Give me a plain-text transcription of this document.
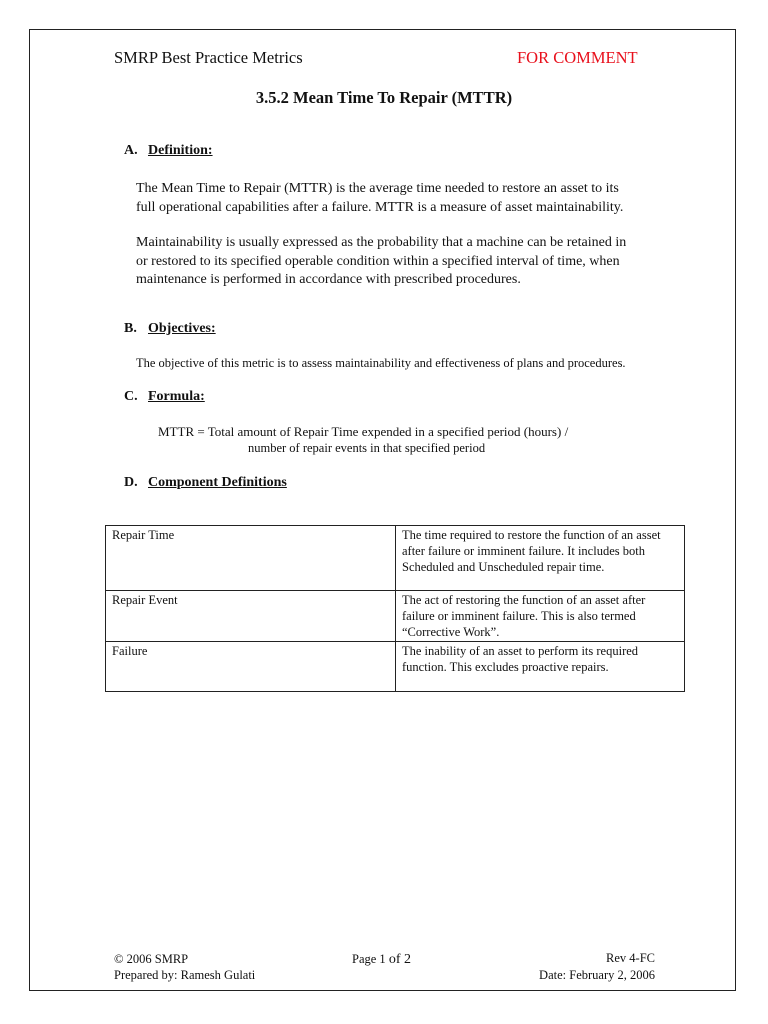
SMRP Best Practice Metrics	FOR COMMENT
3.5.2 Mean Time To Repair (MTTR)
A. Definition:
The Mean Time to Repair (MTTR) is the average time needed to restore an asset to its
full operational capabilities after a failure. MTTR is a measure of asset maintainability.
Maintainability is usually expressed as the probability that a machine can be retained in
or restored to its specified operable condition within a specified interval of time, when
maintenance is performed in accordance with prescribed procedures.
B. Objectives:
The objective of this metric is to assess maintainability and effectiveness of plans and procedures.
C. Formula:
MTTR = Total amount of Repair Time expended in a specified period (hours) /
number of repair events in that specified period
D. Component Definitions
Repair Time	The time required to restore the function of an asset after failure or imminent failure. It includes both Scheduled and Unscheduled repair time.
Repair Event	The act of restoring the function of an asset after failure or imminent failure. This is also termed “Corrective Work”.
Failure	The inability of an asset to perform its required function. This excludes proactive repairs.
© 2006 SMRP
Prepared by: Ramesh Gulati
Page 1 of 2	Rev 4-FC
Date: February 2, 2006
